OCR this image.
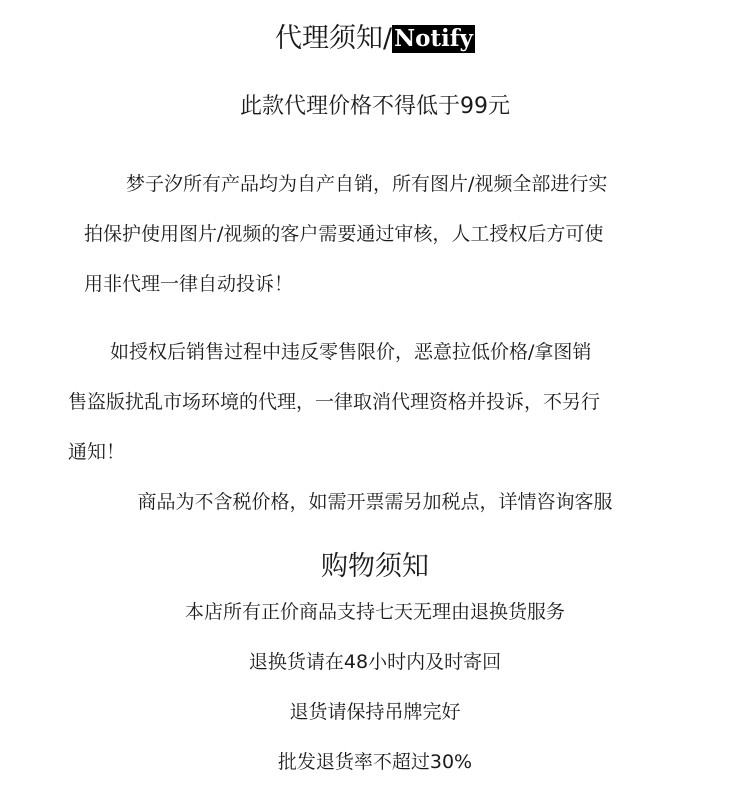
代理须知/Notify
此款代理价格不得低于99元
梦子汐所有产品均为自产自销，所有图片/视频全部进行实
拍保护使用图片/视频的客户需要通过审核，人工授权后方可使
用非代理一律自动投诉！
如授权后销售过程中违反零售限价，恶意拉低价格/拿图销
售盗版扰乱市场环境的代理，一律取消代理资格并投诉，不另行
通知！
商品为不含税价格，如需开票需另加税点，详情咨询客服
购物须知
本店所有正价商品支持七天无理由退换货服务
退换货请在48小时内及时寄回
退货请保持吊牌完好
批发退货率不超过30%
